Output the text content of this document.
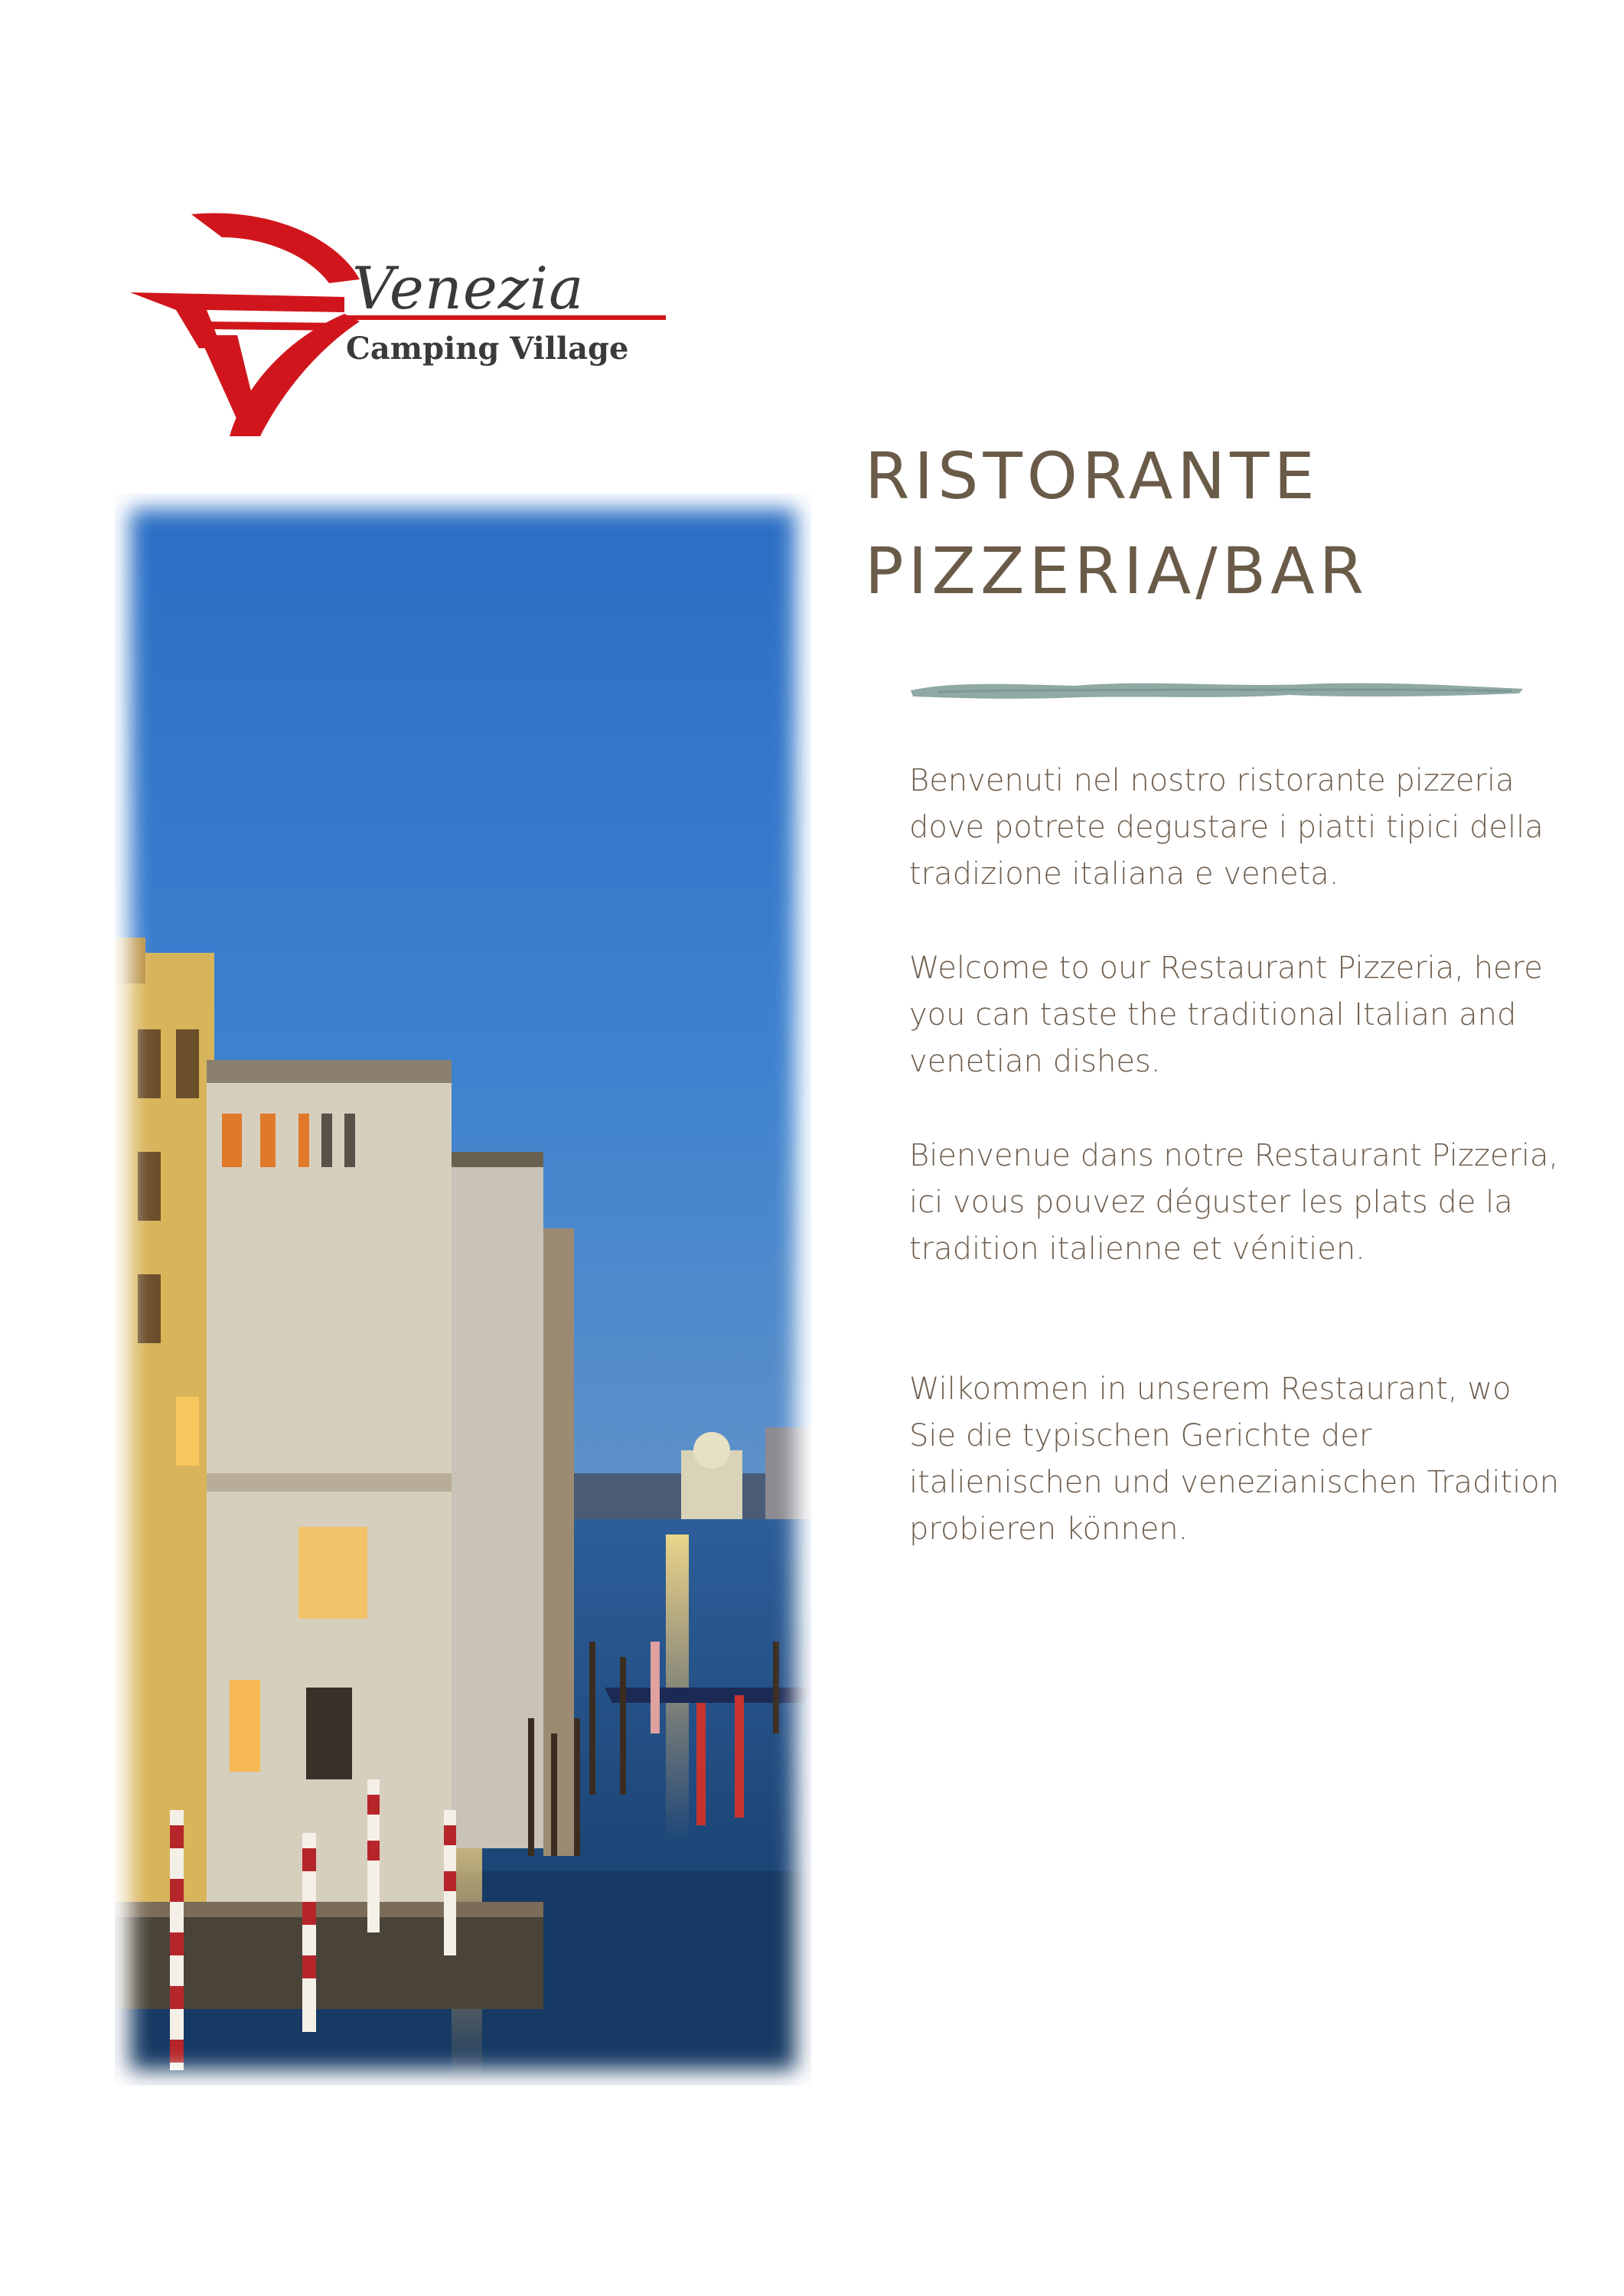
Venezia
Camping Village
RISTORANTE
PIZZERIA/BAR

Benvenuti nel nostro ristorante pizzeria dove potrete degustare i piatti tipici della tradizione italiana e veneta.

Welcome to our Restaurant Pizzeria, here you can taste the traditional Italian and venetian dishes.

Bienvenue dans notre Restaurant Pizzeria, ici vous pouvez déguster les plats de la tradition italienne et vénitien.

Wilkommen in unserem Restaurant, wo Sie die typischen Gerichte der italienischen und venezianischen Tradition probieren können.
